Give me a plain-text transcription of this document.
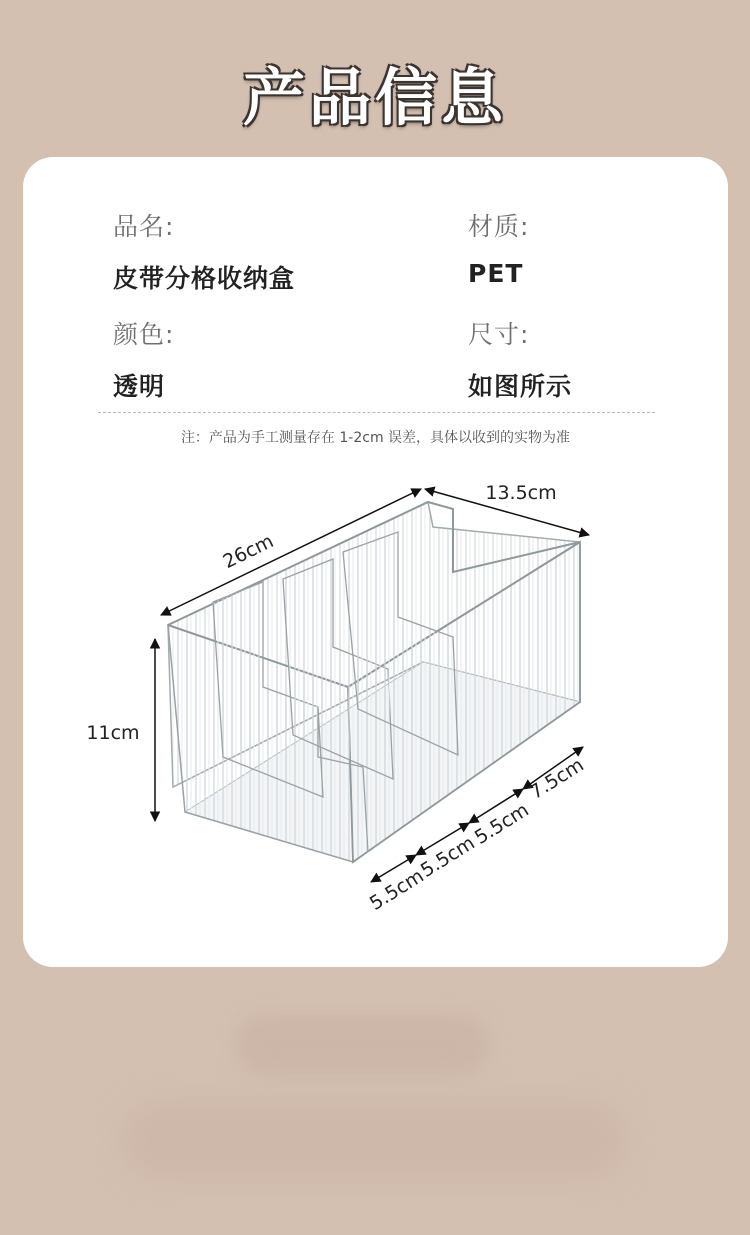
产品信息
品名:
皮带分格收纳盒
材质:
PET
颜色:
透明
尺寸:
如图所示
注：产品为手工测量存在 1-2cm 误差，具体以收到的实物为准
26cm
13.5cm
11cm
5.5cm
5.5cm
5.5cm
7.5cm
